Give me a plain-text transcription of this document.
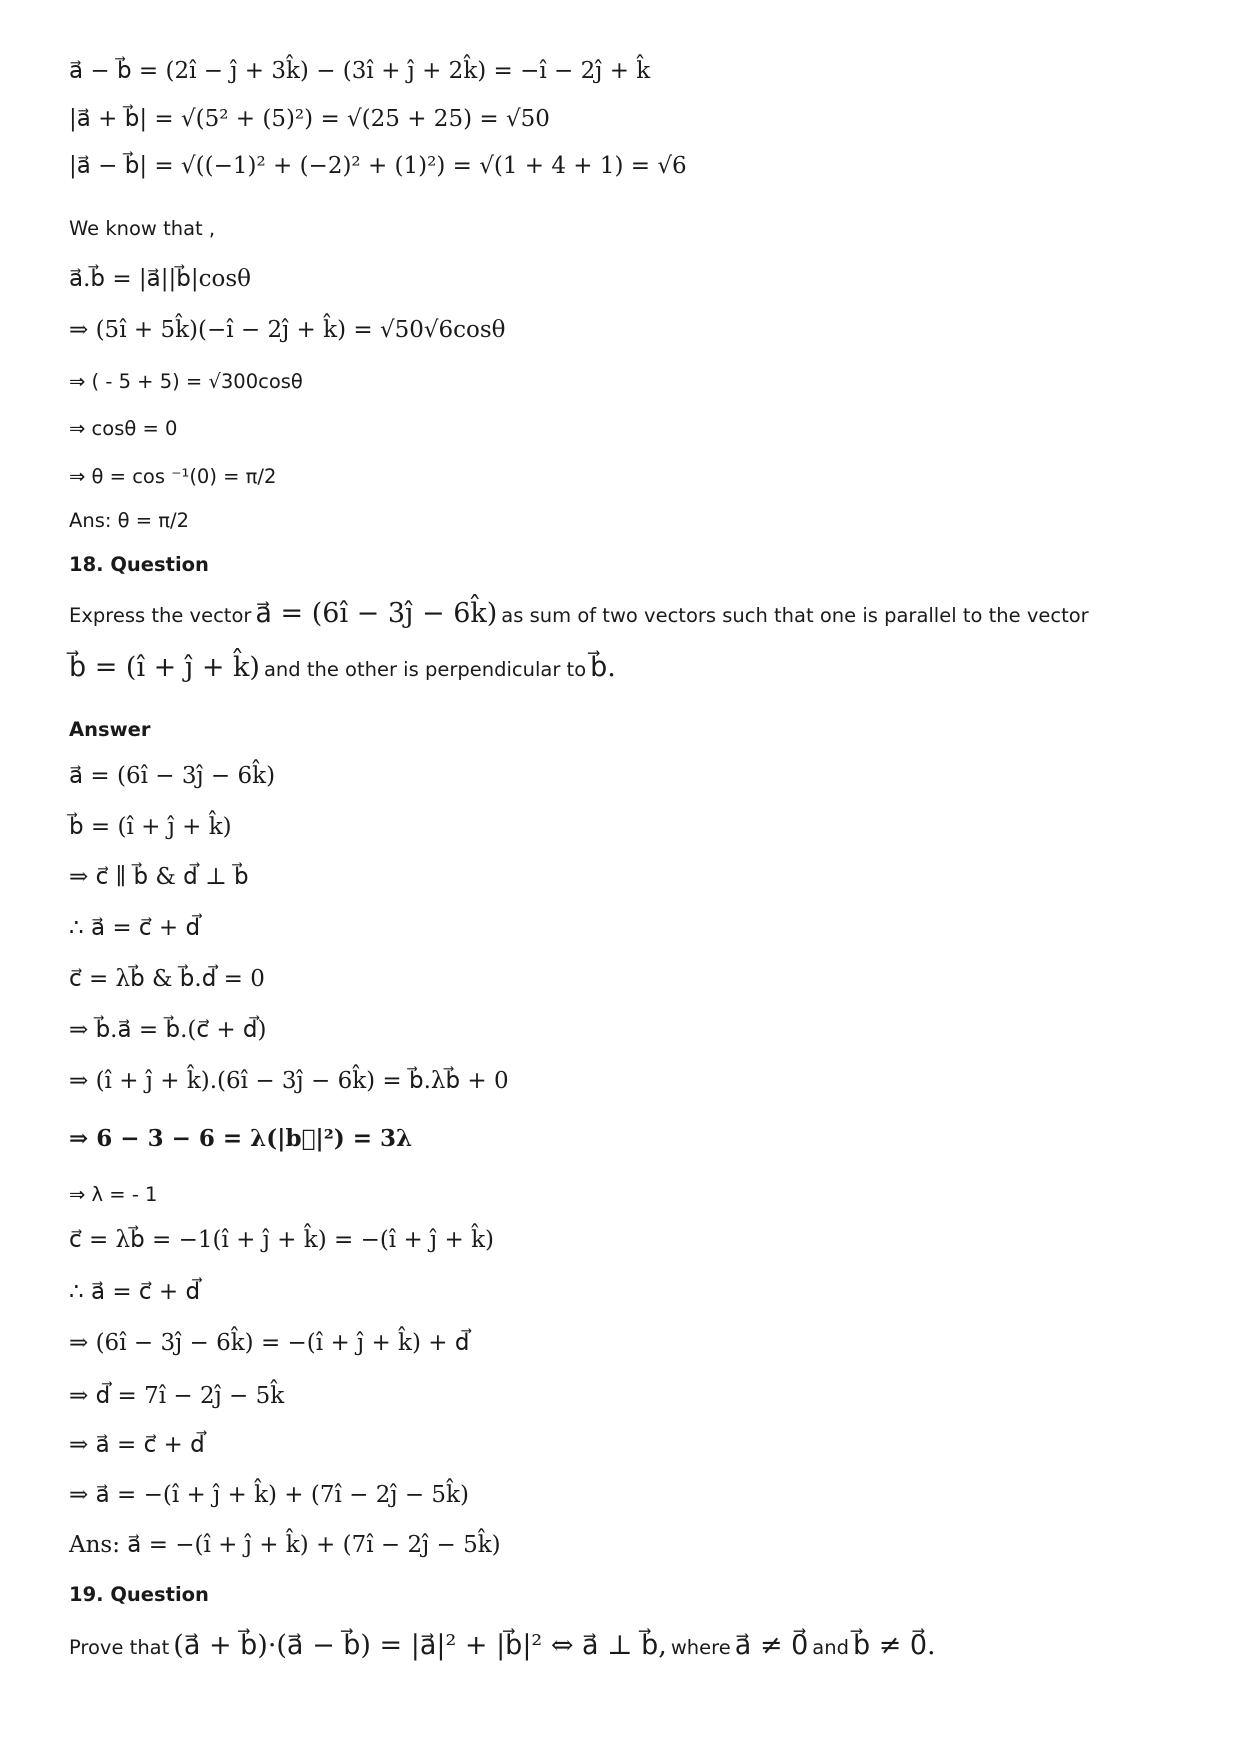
a⃗ − b⃗ = (2î − ĵ + 3k̂) − (3î + ĵ + 2k̂) = −î − 2ĵ + k̂
|a⃗ + b⃗| = √(5² + (5)²) = √(25 + 25) = √50
|a⃗ − b⃗| = √((−1)² + (−2)² + (1)²) = √(1 + 4 + 1) = √6
We know that ,
a⃗.b⃗ = |a⃗||b⃗|cosθ
⇒ (5î + 5k̂)(−î − 2ĵ + k̂) = √50√6cosθ
⇒ ( - 5 + 5) = √300cosθ
⇒ cosθ = 0
⇒ θ = cos ⁻¹(0) = π/2
Ans: θ = π/2
18. Question
Express the vector a⃗ = (6î − 3ĵ − 6k̂) as sum of two vectors such that one is parallel to the vector
b⃗ = (î + ĵ + k̂) and the other is perpendicular to b⃗.
Answer
a⃗ = (6î − 3ĵ − 6k̂)
b⃗ = (î + ĵ + k̂)
⇒ c⃗ ∥ b⃗ & d⃗ ⊥ b⃗
∴ a⃗ = c⃗ + d⃗
c⃗ = λb⃗ & b⃗.d⃗ = 0
⇒ b⃗.a⃗ = b⃗.(c⃗ + d⃗)
⇒ (î + ĵ + k̂).(6î − 3ĵ − 6k̂) = b⃗.λb⃗ + 0
⇒ 6 − 3 − 6 = λ(|b⃗|²) = 3λ
⇒ λ = - 1
c⃗ = λb⃗ = −1(î + ĵ + k̂) = −(î + ĵ + k̂)
∴ a⃗ = c⃗ + d⃗
⇒ (6î − 3ĵ − 6k̂) = −(î + ĵ + k̂) + d⃗
⇒ d⃗ = 7î − 2ĵ − 5k̂
⇒ a⃗ = c⃗ + d⃗
⇒ a⃗ = −(î + ĵ + k̂) + (7î − 2ĵ − 5k̂)
Ans: a⃗ = −(î + ĵ + k̂) + (7î − 2ĵ − 5k̂)
19. Question
Prove that (a⃗ + b⃗)·(a⃗ − b⃗) = |a⃗|² + |b⃗|² ⇔ a⃗ ⊥ b⃗, where a⃗ ≠ 0⃗ and b⃗ ≠ 0⃗.
